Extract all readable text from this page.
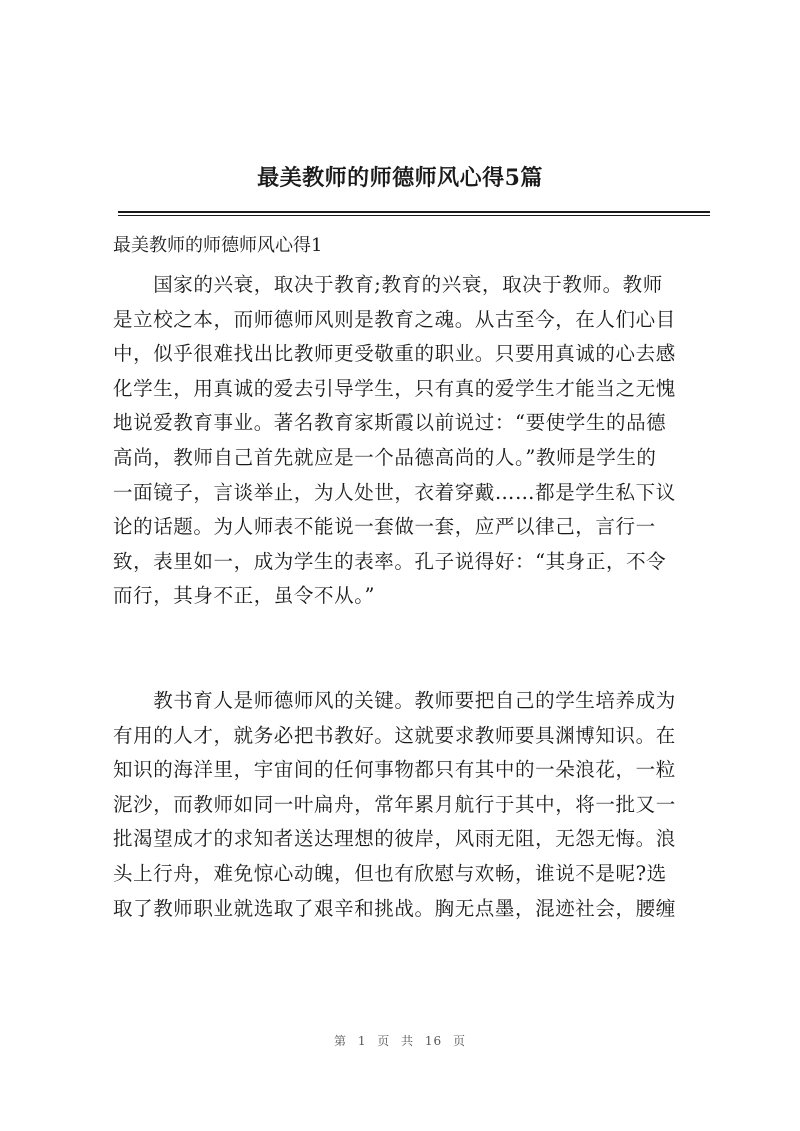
最美教师的师德师风心得5篇
最美教师的师德师风心得1
　　国家的兴衰，取决于教育;教育的兴衰，取决于教师。教师
是立校之本，而师德师风则是教育之魂。从古至今，在人们心目
中，似乎很难找出比教师更受敬重的职业。只要用真诚的心去感
化学生，用真诚的爱去引导学生，只有真的爱学生才能当之无愧
地说爱教育事业。著名教育家斯霞以前说过：“要使学生的品德
高尚，教师自己首先就应是一个品德高尚的人。”教师是学生的
一面镜子，言谈举止，为人处世，衣着穿戴……都是学生私下议
论的话题。为人师表不能说一套做一套，应严以律己，言行一
致，表里如一，成为学生的表率。孔子说得好：“其身正，不令
而行，其身不正，虽令不从。”
　　教书育人是师德师风的关键。教师要把自己的学生培养成为
有用的人才，就务必把书教好。这就要求教师要具渊博知识。在
知识的海洋里，宇宙间的任何事物都只有其中的一朵浪花，一粒
泥沙，而教师如同一叶扁舟，常年累月航行于其中，将一批又一
批渴望成才的求知者送达理想的彼岸，风雨无阻，无怨无悔。浪
头上行舟，难免惊心动魄，但也有欣慰与欢畅，谁说不是呢?选
取了教师职业就选取了艰辛和挑战。胸无点墨，混迹社会，腰缠
第 1 页 共 16 页
